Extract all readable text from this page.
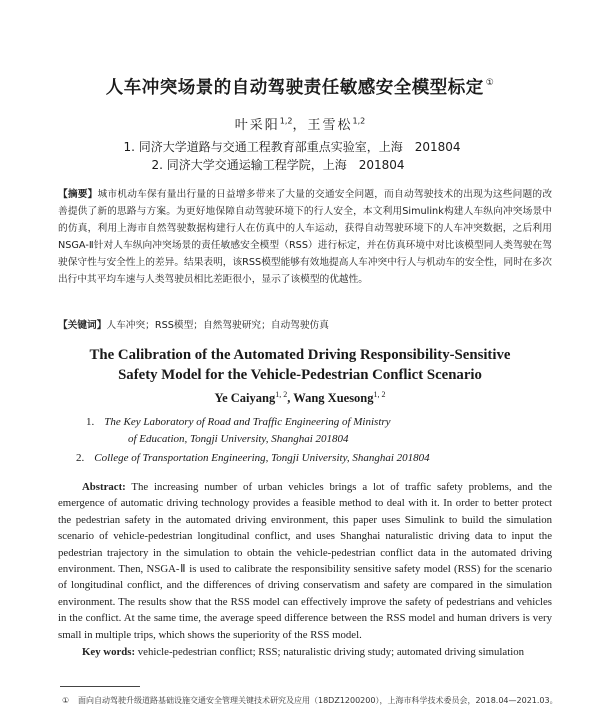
人车冲突场景的自动驾驶责任敏感安全模型标定 ①
叶采阳$^{1,2}$，王雪松$^{1,2}$
1. 同济大学道路与交通工程教育部重点实验室，上海　201804
2. 同济大学交通运输工程学院，上海　201804
【摘要】城市机动车保有量出行量的日益增多带来了大量的交通安全问题，而自动驾驶技术的出现为这些问题的改善提供了新的思路与方案。为更好地保障自动驾驶环境下的行人安全，本文利用Simulink构建人车纵向冲突场景中的仿真，利用上海市自然驾驶数据构建行人在仿真中的人车运动，获得自动驾驶环境下的人车冲突数据，之后利用NSGA-Ⅱ针对人车纵向冲突场景的责任敏感安全模型（RSS）进行标定，并在仿真环境中对比该模型同人类驾驶在驾驶保守性与安全性上的差异。结果表明，该RSS模型能够有效地提高人车冲突中行人与机动车的安全性，同时在多次出行中其平均车速与人类驾驶员相比差距很小，显示了该模型的优越性。
【关键词】人车冲突；RSS模型；自然驾驶研究；自动驾驶仿真
The Calibration of the Automated Driving Responsibility-Sensitive
Safety Model for the Vehicle-Pedestrian Conflict Scenario
Ye Caiyang$^{1, 2}$, Wang Xuesong$^{1, 2}$
1. The Key Laboratory of Road and Traffic Engineering of Ministry
of Education, Tongji University, Shanghai 201804
2. College of Transportation Engineering, Tongji University, Shanghai 201804
Abstract: The increasing number of urban vehicles brings a lot of traffic safety problems, and the emergence of automatic driving technology provides a feasible method to deal with it. In order to better protect the pedestrian safety in the automated driving environment, this paper uses Simulink to build the simulation scenario of vehicle-pedestrian longitudinal conflict, and uses Shanghai naturalistic driving data to input the pedestrian trajectory in the simulation to obtain the vehicle-pedestrian conflict data in the automated driving environment. Then, NSGA-Ⅱ is used to calibrate the responsibility sensitive safety model (RSS) for the scenario of longitudinal conflict, and the differences of driving conservatism and safety are compared in the simulation environment. The results show that the RSS model can effectively improve the safety of pedestrians and vehicles in the conflict. At the same time, the average speed difference between the RSS model and human drivers is very small in multiple trips, which shows the superiority of the RSS model.
Key words: vehicle-pedestrian conflict; RSS; naturalistic driving study; automated driving simulation
① 面向自动驾驶升级道路基础设施交通安全管理关键技术研究及应用（18DZ1200200），上海市科学技术委员会，2018.04—2021.03。
